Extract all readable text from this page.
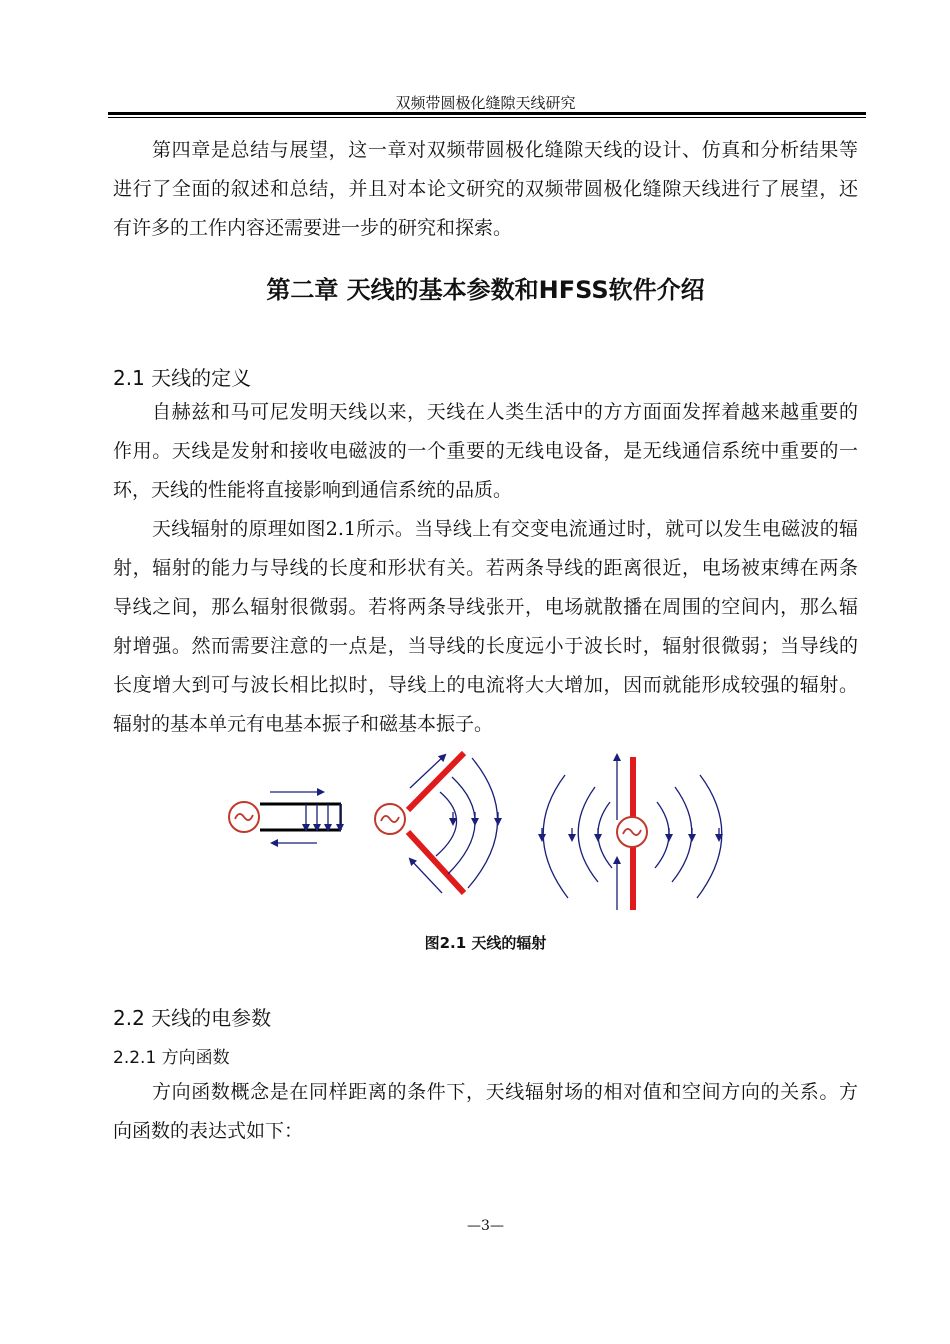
双频带圆极化缝隙天线研究
第四章是总结与展望，这一章对双频带圆极化缝隙天线的设计、仿真和分析结果等
进行了全面的叙述和总结，并且对本论文研究的双频带圆极化缝隙天线进行了展望，还
有许多的工作内容还需要进一步的研究和探索。
第二章 天线的基本参数和HFSS软件介绍
2.1 天线的定义
自赫兹和马可尼发明天线以来，天线在人类生活中的方方面面发挥着越来越重要的
作用。天线是发射和接收电磁波的一个重要的无线电设备，是无线通信系统中重要的一
环，天线的性能将直接影响到通信系统的品质。
天线辐射的原理如图2.1所示。当导线上有交变电流通过时，就可以发生电磁波的辐
射，辐射的能力与导线的长度和形状有关。若两条导线的距离很近，电场被束缚在两条
导线之间，那么辐射很微弱。若将两条导线张开，电场就散播在周围的空间内，那么辐
射增强。然而需要注意的一点是，当导线的长度远小于波长时，辐射很微弱；当导线的
长度增大到可与波长相比拟时，导线上的电流将大大增加，因而就能形成较强的辐射。
辐射的基本单元有电基本振子和磁基本振子。
图2.1 天线的辐射
2.2 天线的电参数
2.2.1 方向函数
方向函数概念是在同样距离的条件下，天线辐射场的相对值和空间方向的关系。方
向函数的表达式如下：
—3—
